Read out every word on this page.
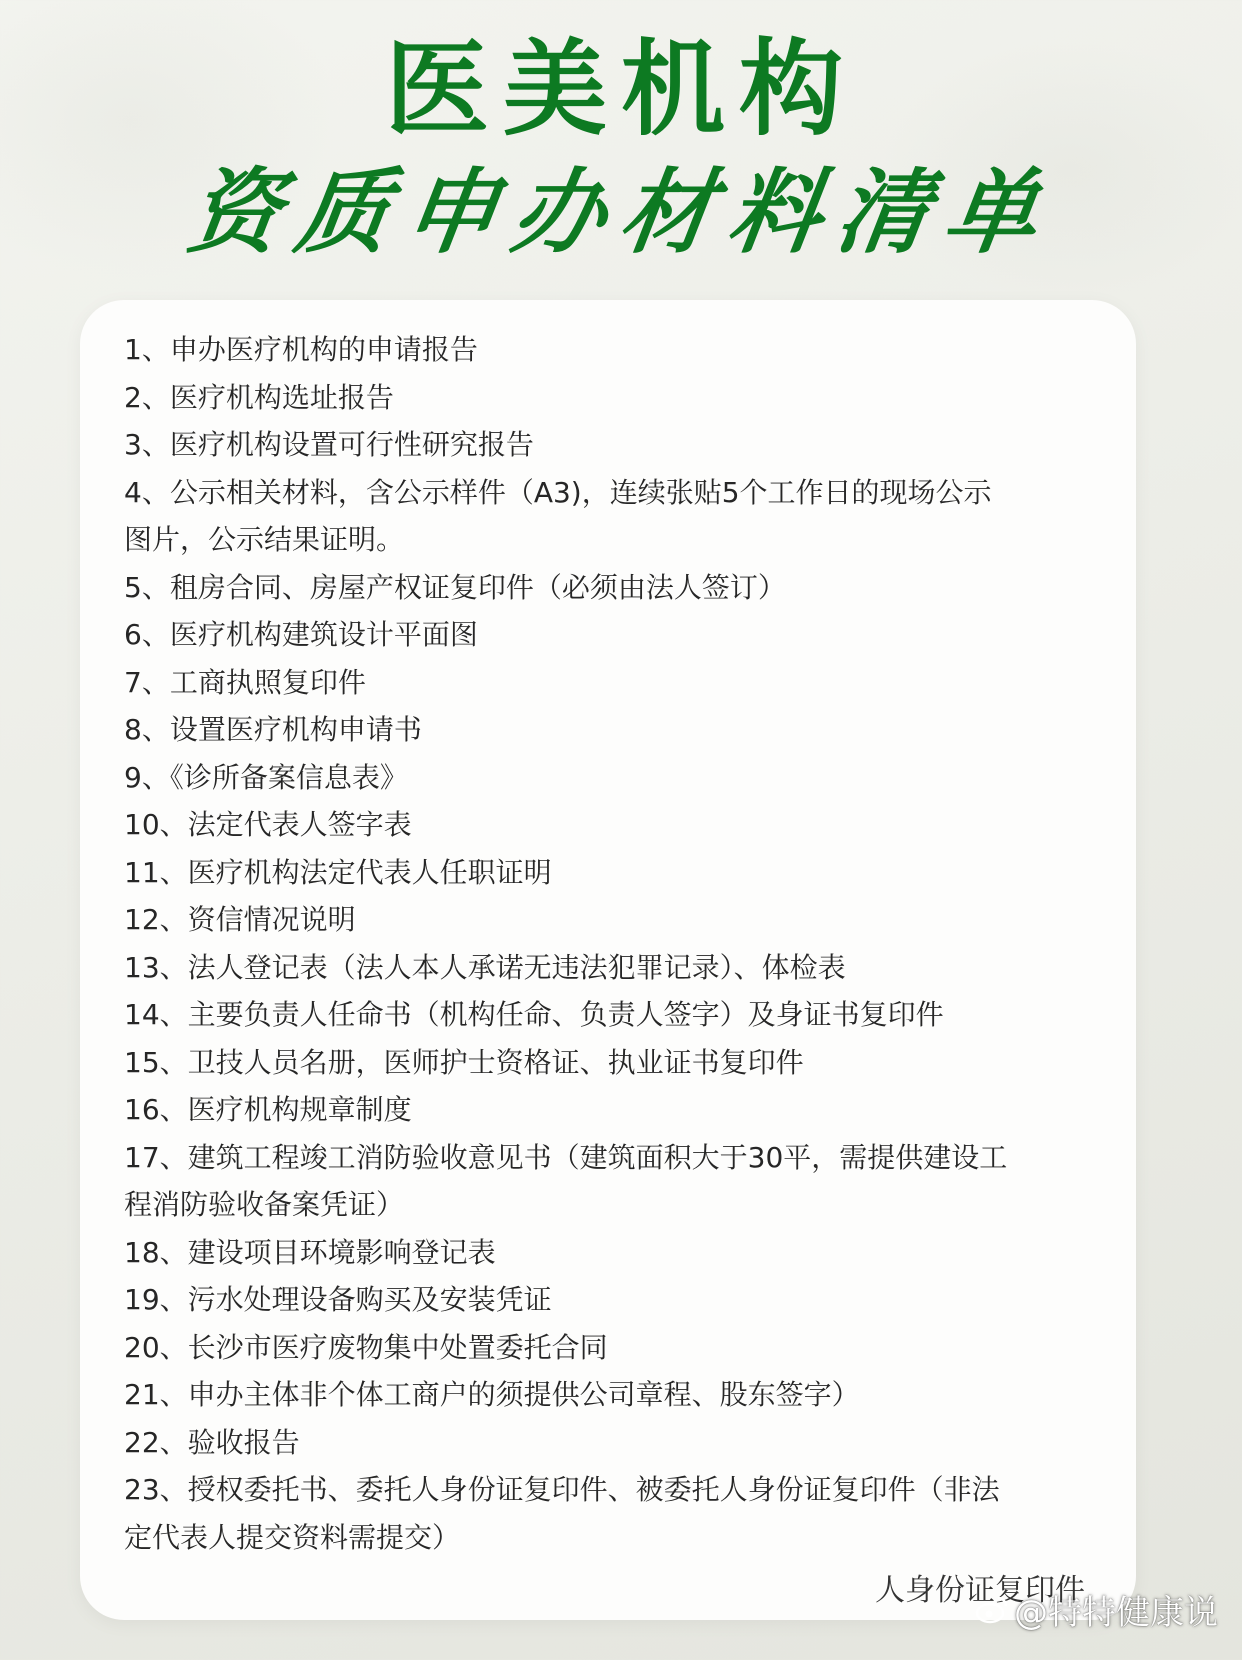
医美机构
资质申办材料清单
1、申办医疗机构的申请报告
2、医疗机构选址报告
3、医疗机构设置可行性研究报告
4、公示相关材料，含公示样件（A3)，连续张贴5个工作日的现场公示
图片，公示结果证明。
5、租房合同、房屋产权证复印件（必须由法人签订）
6、医疗机构建筑设计平面图
7、工商执照复印件
8、设置医疗机构申请书
9、《诊所备案信息表》
10、法定代表人签字表
11、医疗机构法定代表人任职证明
12、资信情况说明
13、法人登记表（法人本人承诺无违法犯罪记录）、体检表
14、主要负责人任命书（机构任命、负责人签字）及身证书复印件
15、卫技人员名册，医师护士资格证、执业证书复印件
16、医疗机构规章制度
17、建筑工程竣工消防验收意见书（建筑面积大于30平，需提供建设工
程消防验收备案凭证）
18、建设项目环境影响登记表
19、污水处理设备购买及安装凭证
20、长沙市医疗废物集中处置委托合同
21、申办主体非个体工商户的须提供公司章程、股东签字）
22、验收报告
23、授权委托书、委托人身份证复印件、被委托人身份证复印件（非法
定代表人提交资料需提交）
人身份证复印件
@特特健康说
